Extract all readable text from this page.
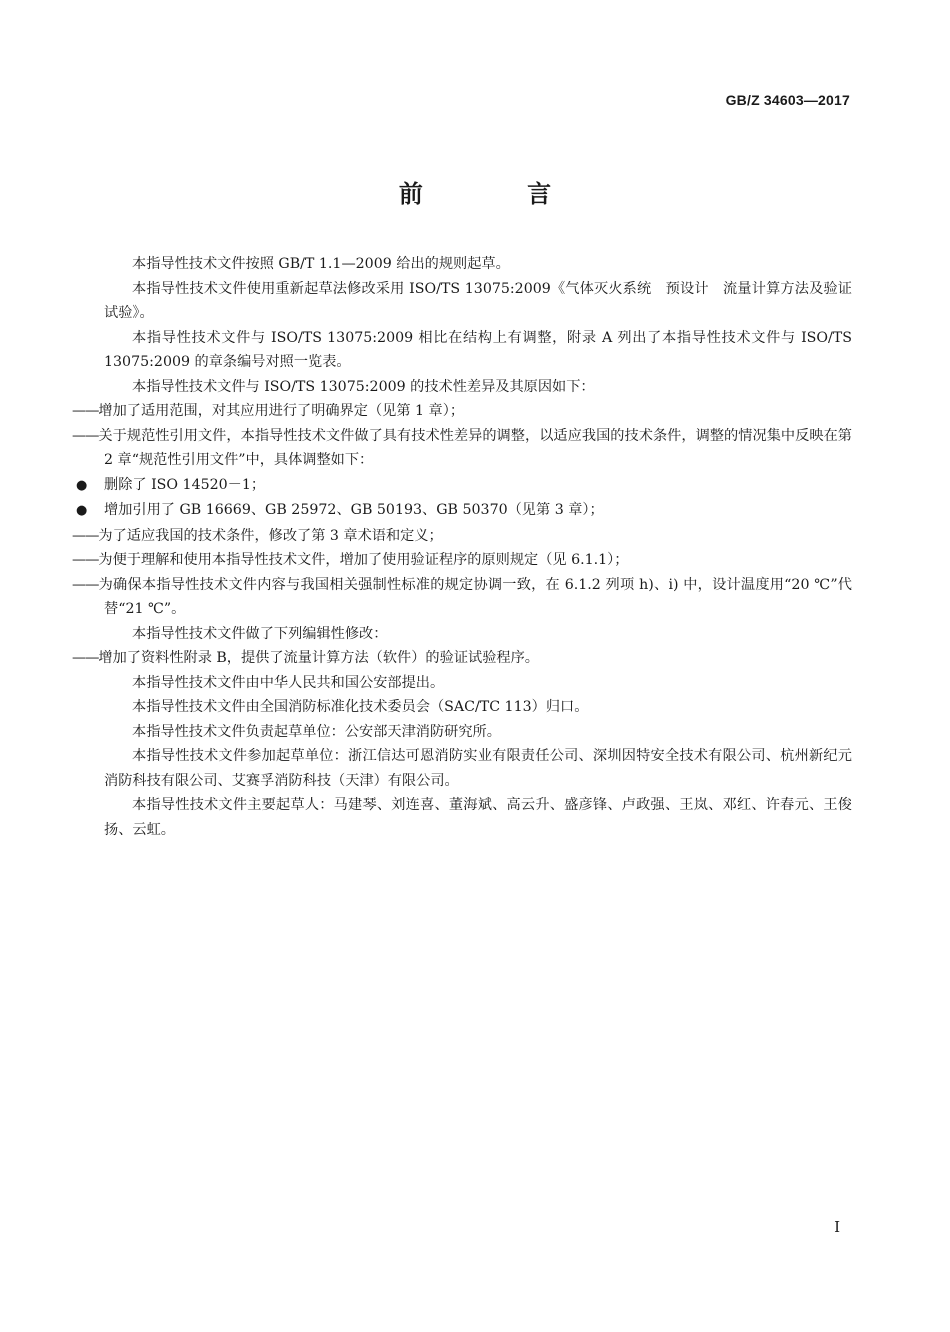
GB/Z 34603—2017
前 言

本指导性技术文件按照 GB/T 1.1—2009 给出的规则起草。

本指导性技术文件使用重新起草法修改采用 ISO/TS 13075:2009《气体灭火系统　预设计　流量计算方法及验证试验》。

本指导性技术文件与 ISO/TS 13075:2009 相比在结构上有调整，附录 A 列出了本指导性技术文件与 ISO/TS 13075:2009 的章条编号对照一览表。

本指导性技术文件与 ISO/TS 13075:2009 的技术性差异及其原因如下：

——增加了适用范围，对其应用进行了明确界定（见第 1 章）；

——关于规范性引用文件，本指导性技术文件做了具有技术性差异的调整，以适应我国的技术条件，调整的情况集中反映在第 2 章“规范性引用文件”中，具体调整如下：

● 删除了 ISO 14520－1；

● 增加引用了 GB 16669、GB 25972、GB 50193、GB 50370（见第 3 章）；

——为了适应我国的技术条件，修改了第 3 章术语和定义；

——为便于理解和使用本指导性技术文件，增加了使用验证程序的原则规定（见 6.1.1）；

——为确保本指导性技术文件内容与我国相关强制性标准的规定协调一致，在 6.1.2 列项 h)、i) 中，设计温度用“20 ℃”代替“21 ℃”。

本指导性技术文件做了下列编辑性修改：

——增加了资料性附录 B，提供了流量计算方法（软件）的验证试验程序。

本指导性技术文件由中华人民共和国公安部提出。

本指导性技术文件由全国消防标准化技术委员会（SAC/TC 113）归口。

本指导性技术文件负责起草单位：公安部天津消防研究所。

本指导性技术文件参加起草单位：浙江信达可恩消防实业有限责任公司、深圳因特安全技术有限公司、杭州新纪元消防科技有限公司、艾赛孚消防科技（天津）有限公司。

本指导性技术文件主要起草人：马建琴、刘连喜、董海斌、高云升、盛彦锋、卢政强、王岚、邓红、许春元、王俊扬、云虹。

I
